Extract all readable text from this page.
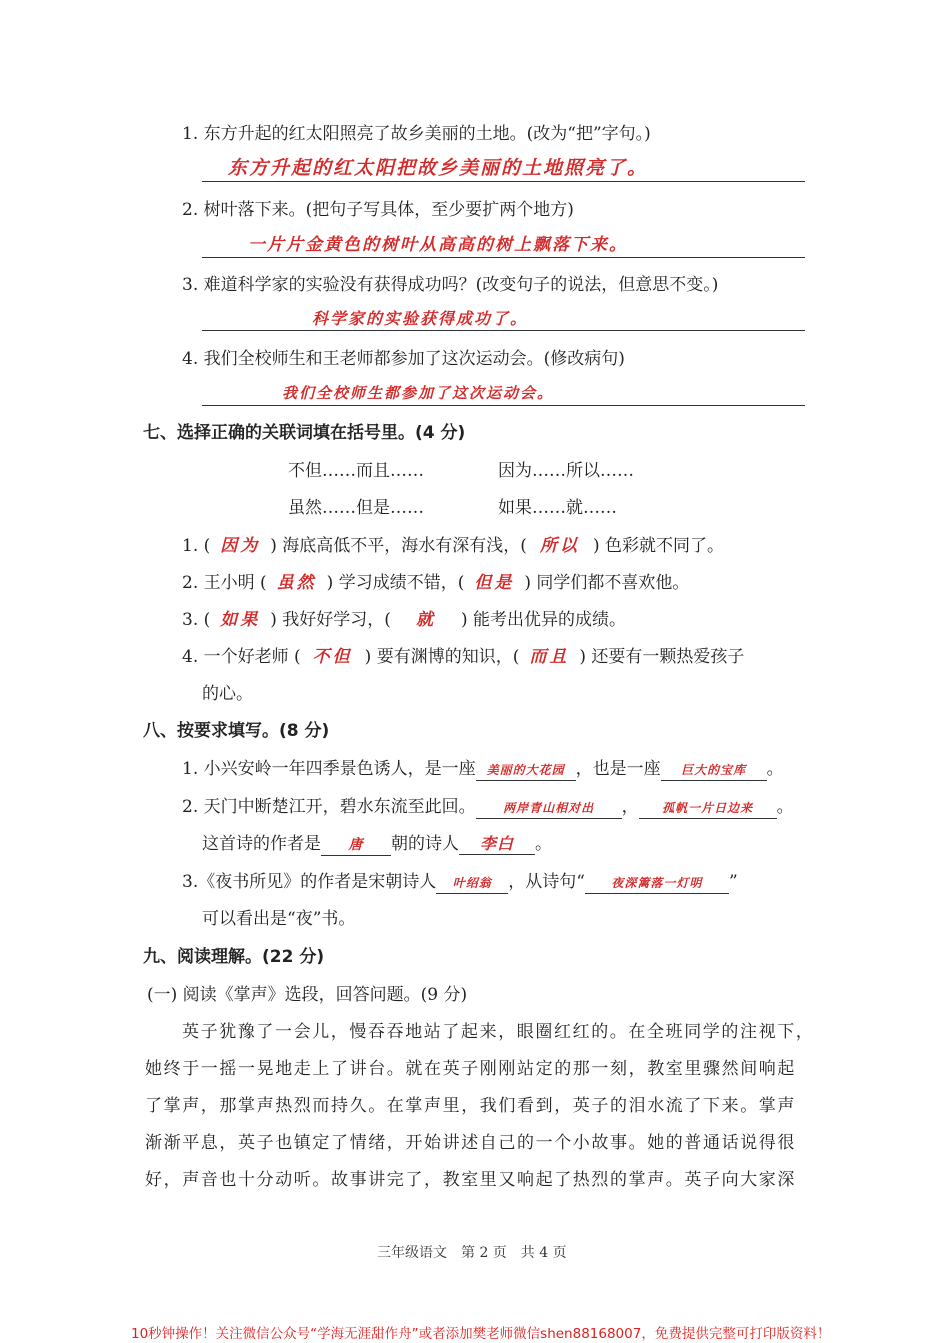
1. 东方升起的红太阳照亮了故乡美丽的土地。(改为“把”字句。)
东方升起的红太阳把故乡美丽的土地照亮了。
2. 树叶落下来。(把句子写具体，至少要扩两个地方)
一片片金黄色的树叶从高高的树上飘落下来。
3. 难道科学家的实验没有获得成功吗？(改变句子的说法，但意思不变。)
科学家的实验获得成功了。
4. 我们全校师生和王老师都参加了这次运动会。(修改病句)
我们全校师生都参加了这次运动会。
七、选择正确的关联词填在括号里。(4 分)
不但……而且……	因为……所以……
虽然……但是……	如果……就……
1. ( 因为 ) 海底高低不平，海水有深有浅，( 所以 ) 色彩就不同了。
2. 王小明 ( 虽然 ) 学习成绩不错，( 但是 ) 同学们都不喜欢他。
3. ( 如果 ) 我好好学习，( 就 ) 能考出优异的成绩。
4. 一个好老师 ( 不但 ) 要有渊博的知识，( 而且 ) 还要有一颗热爱孩子
的心。
八、按要求填写。(8 分)
1. 小兴安岭一年四季景色诱人，是一座 美丽的大花园 ，也是一座 巨大的宝库 。
2. 天门中断楚江开，碧水东流至此回。 两岸青山相对出 ， 孤帆一片日边来 。
这首诗的作者是 唐 朝的诗人 李白 。
3.《夜书所见》的作者是宋朝诗人 叶绍翁 ，从诗句“ 夜深篱落一灯明 ”
可以看出是“夜”书。
九、阅读理解。(22 分)
(一) 阅读《掌声》选段，回答问题。(9 分)
英子犹豫了一会儿，慢吞吞地站了起来，眼圈红红的。在全班同学的注视下，
她终于一摇一晃地走上了讲台。就在英子刚刚站定的那一刻，教室里骤然间响起
了掌声，那掌声热烈而持久。在掌声里，我们看到，英子的泪水流了下来。掌声
渐渐平息，英子也镇定了情绪，开始讲述自己的一个小故事。她的普通话说得很
好，声音也十分动听。故事讲完了，教室里又响起了热烈的掌声。英子向大家深
三年级语文　第 2 页　共 4 页
10秒钟操作！关注微信公众号“学海无涯甜作舟”或者添加樊老师微信shen88168007，免费提供完整可打印版资料！
